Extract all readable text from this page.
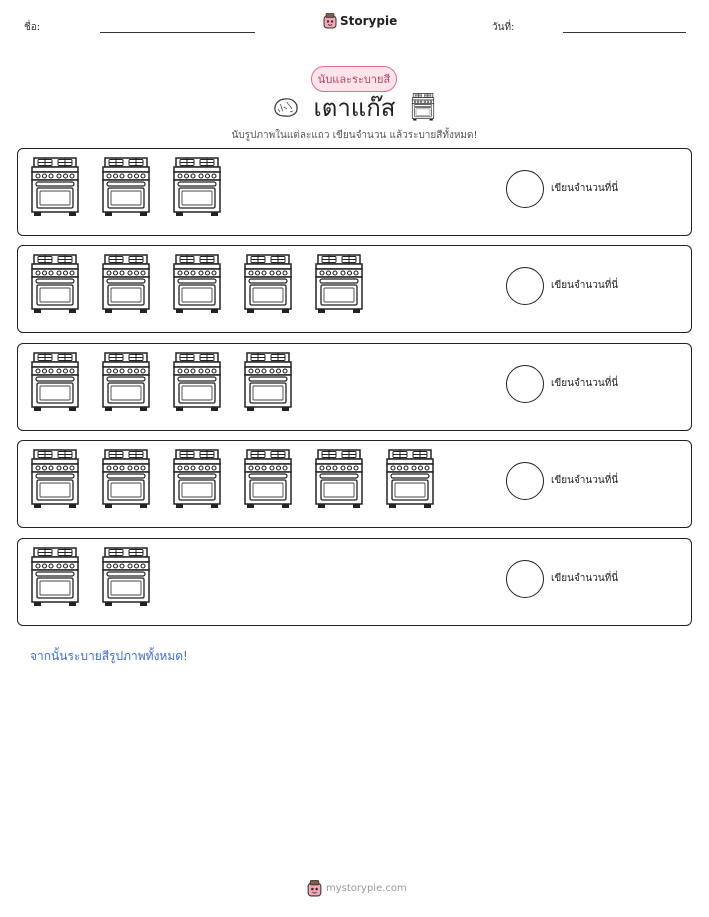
ชื่อ:	Storypie	วันที่:
นับและระบายสี
เตาแก๊ส
นับรูปภาพในแต่ละแถว เขียนจำนวน แล้วระบายสีทั้งหมด!
เขียนจำนวนที่นี่
เขียนจำนวนที่นี่
เขียนจำนวนที่นี่
เขียนจำนวนที่นี่
เขียนจำนวนที่นี่
จากนั้นระบายสีรูปภาพทั้งหมด!
mystorypie.com
